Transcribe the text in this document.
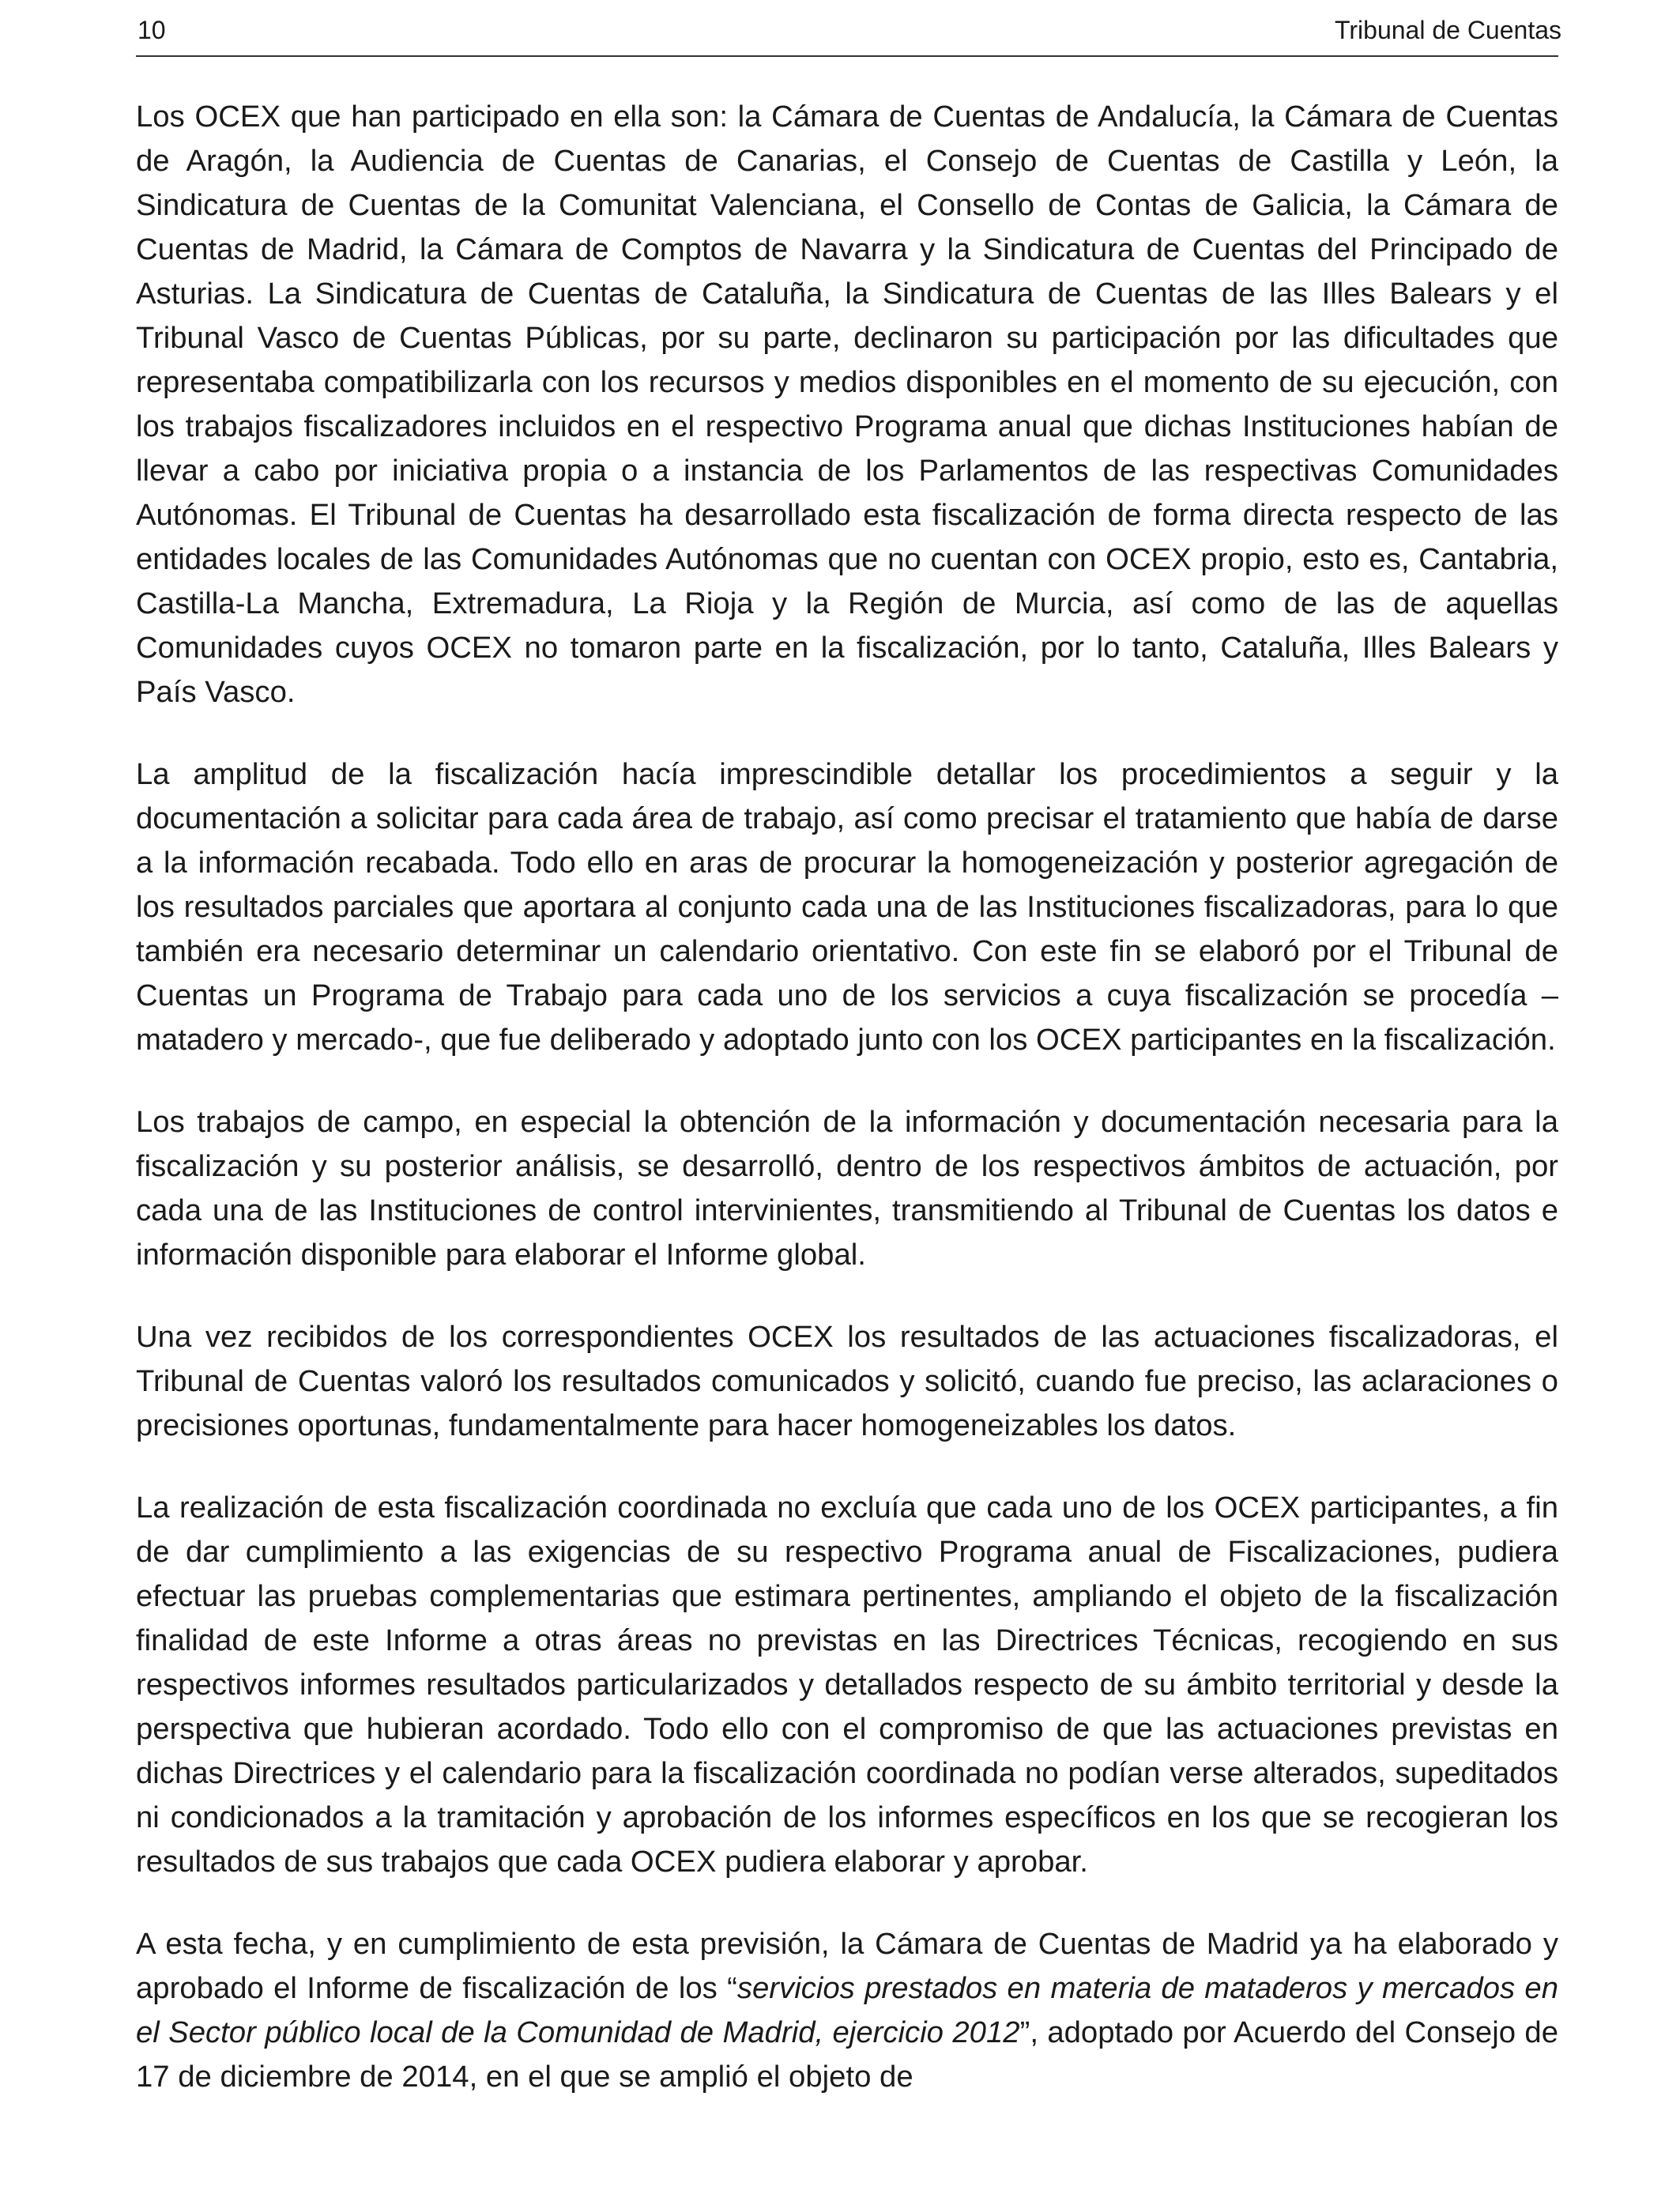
10	Tribunal de Cuentas

Los OCEX que han participado en ella son: la Cámara de Cuentas de Andalucía, la Cámara de Cuentas de Aragón, la Audiencia de Cuentas de Canarias, el Consejo de Cuentas de Castilla y León, la Sindicatura de Cuentas de la Comunitat Valenciana, el Consello de Contas de Galicia, la Cámara de Cuentas de Madrid, la Cámara de Comptos de Navarra y la Sindicatura de Cuentas del Principado de Asturias. La Sindicatura de Cuentas de Cataluña, la Sindicatura de Cuentas de las Illes Balears y el Tribunal Vasco de Cuentas Públicas, por su parte, declinaron su participación por las dificultades que representaba compatibilizarla con los recursos y medios disponibles en el momento de su ejecución, con los trabajos fiscalizadores incluidos en el respectivo Programa anual que dichas Instituciones habían de llevar a cabo por iniciativa propia o a instancia de los Parlamentos de las respectivas Comunidades Autónomas. El Tribunal de Cuentas ha desarrollado esta fiscalización de forma directa respecto de las entidades locales de las Comunidades Autónomas que no cuentan con OCEX propio, esto es, Cantabria, Castilla-La Mancha, Extremadura, La Rioja y la Región de Murcia, así como de las de aquellas Comunidades cuyos OCEX no tomaron parte en la fiscalización, por lo tanto, Cataluña, Illes Balears y País Vasco.

La amplitud de la fiscalización hacía imprescindible detallar los procedimientos a seguir y la documentación a solicitar para cada área de trabajo, así como precisar el tratamiento que había de darse a la información recabada. Todo ello en aras de procurar la homogeneización y posterior agregación de los resultados parciales que aportara al conjunto cada una de las Instituciones fiscalizadoras, para lo que también era necesario determinar un calendario orientativo. Con este fin se elaboró por el Tribunal de Cuentas un Programa de Trabajo para cada uno de los servicios a cuya fiscalización se procedía –matadero y mercado-, que fue deliberado y adoptado junto con los OCEX participantes en la fiscalización.

Los trabajos de campo, en especial la obtención de la información y documentación necesaria para la fiscalización y su posterior análisis, se desarrolló, dentro de los respectivos ámbitos de actuación, por cada una de las Instituciones de control intervinientes, transmitiendo al Tribunal de Cuentas los datos e información disponible para elaborar el Informe global.

Una vez recibidos de los correspondientes OCEX los resultados de las actuaciones fiscalizadoras, el Tribunal de Cuentas valoró los resultados comunicados y solicitó, cuando fue preciso, las aclaraciones o precisiones oportunas, fundamentalmente para hacer homogeneizables los datos.

La realización de esta fiscalización coordinada no excluía que cada uno de los OCEX participantes, a fin de dar cumplimiento a las exigencias de su respectivo Programa anual de Fiscalizaciones, pudiera efectuar las pruebas complementarias que estimara pertinentes, ampliando el objeto de la fiscalización finalidad de este Informe a otras áreas no previstas en las Directrices Técnicas, recogiendo en sus respectivos informes resultados particularizados y detallados respecto de su ámbito territorial y desde la perspectiva que hubieran acordado. Todo ello con el compromiso de que las actuaciones previstas en dichas Directrices y el calendario para la fiscalización coordinada no podían verse alterados, supeditados ni condicionados a la tramitación y aprobación de los informes específicos en los que se recogieran los resultados de sus trabajos que cada OCEX pudiera elaborar y aprobar.

A esta fecha, y en cumplimiento de esta previsión, la Cámara de Cuentas de Madrid ya ha elaborado y aprobado el Informe de fiscalización de los “servicios prestados en materia de mataderos y mercados en el Sector público local de la Comunidad de Madrid, ejercicio 2012”, adoptado por Acuerdo del Consejo de 17 de diciembre de 2014, en el que se amplió el objeto de
